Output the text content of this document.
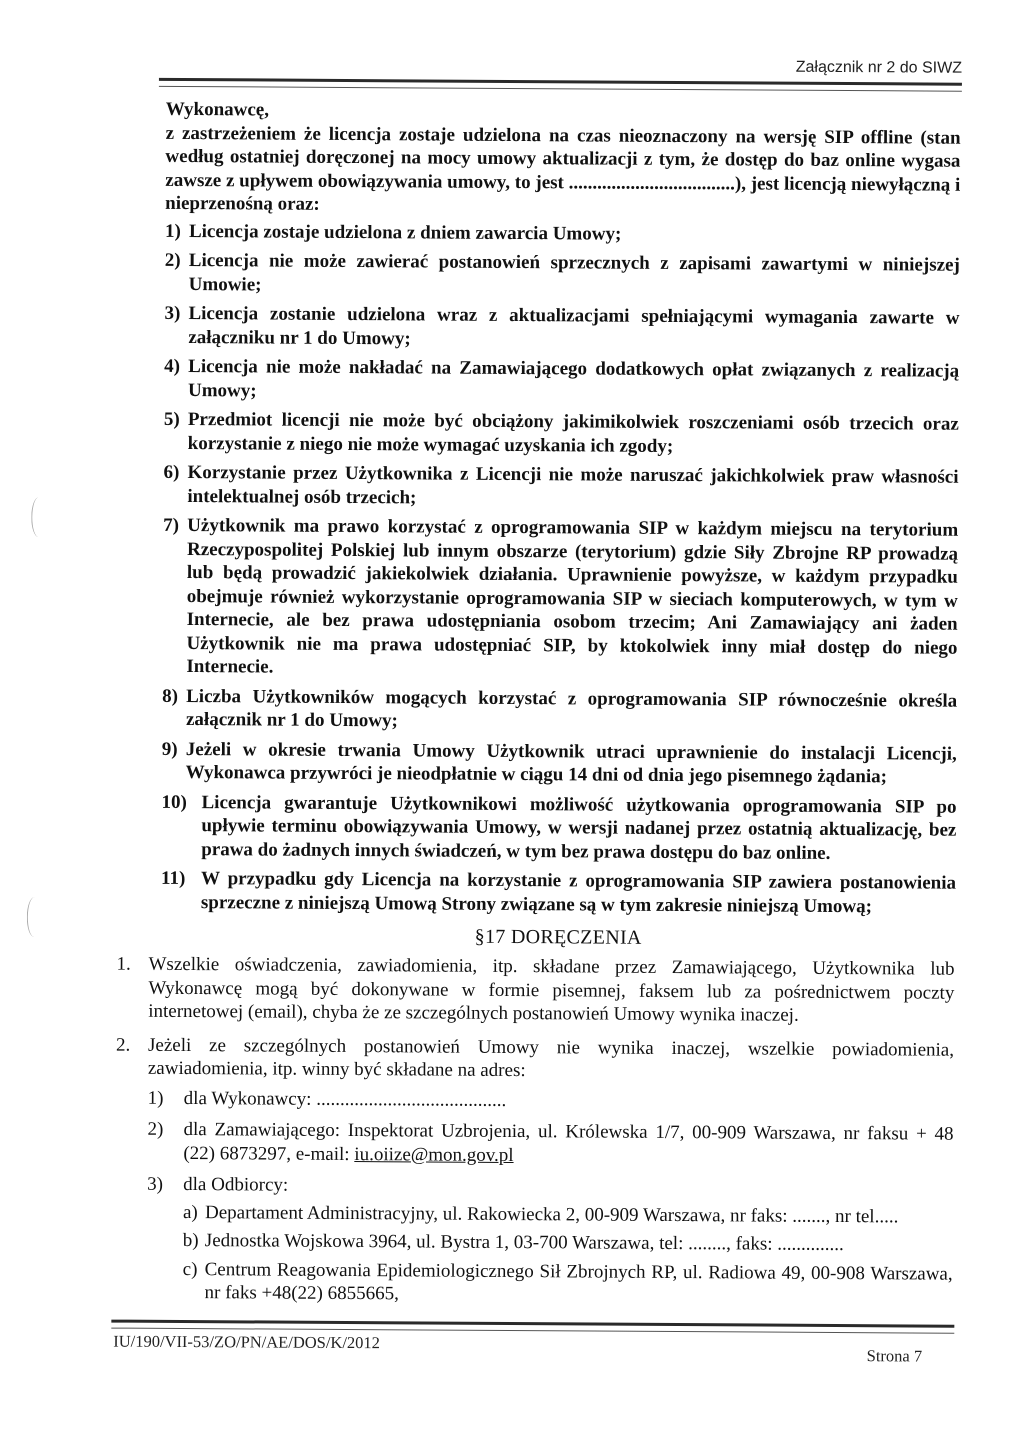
Załącznik nr 2 do SIWZ

Wykonawcę,

z zastrzeżeniem że licencja zostaje udzielona na czas nieoznaczony na wersję SIP offline (stan według ostatniej doręczonej na mocy umowy aktualizacji z tym, że dostęp do baz online wygasa zawsze z upływem obowiązywania umowy, to jest ...................................), jest licencją niewyłączną i nieprzenośną oraz:

1) Licencja zostaje udzielona z dniem zawarcia Umowy;
2) Licencja nie może zawierać postanowień sprzecznych z zapisami zawartymi w niniejszej Umowie;
3) Licencja zostanie udzielona wraz z aktualizacjami spełniającymi wymagania zawarte w załączniku nr 1 do Umowy;
4) Licencja nie może nakładać na Zamawiającego dodatkowych opłat związanych z realizacją Umowy;
5) Przedmiot licencji nie może być obciążony jakimikolwiek roszczeniami osób trzecich oraz korzystanie z niego nie może wymagać uzyskania ich zgody;
6) Korzystanie przez Użytkownika z Licencji nie może naruszać jakichkolwiek praw własności intelektualnej osób trzecich;
7) Użytkownik ma prawo korzystać z oprogramowania SIP w każdym miejscu na terytorium Rzeczypospolitej Polskiej lub innym obszarze (terytorium) gdzie Siły Zbrojne RP prowadzą lub będą prowadzić jakiekolwiek działania. Uprawnienie powyższe, w każdym przypadku obejmuje również wykorzystanie oprogramowania SIP w sieciach komputerowych, w tym w Internecie, ale bez prawa udostępniania osobom trzecim; Ani Zamawiający ani żaden Użytkownik nie ma prawa udostępniać SIP, by ktokolwiek inny miał dostęp do niego Internecie.
8) Liczba Użytkowników mogących korzystać z oprogramowania SIP równocześnie określa załącznik nr 1 do Umowy;
9) Jeżeli w okresie trwania Umowy Użytkownik utraci uprawnienie do instalacji Licencji, Wykonawca przywróci je nieodpłatnie w ciągu 14 dni od dnia jego pisemnego żądania;
10) Licencja gwarantuje Użytkownikowi możliwość użytkowania oprogramowania SIP po upływie terminu obowiązywania Umowy, w wersji nadanej przez ostatnią aktualizację, bez prawa do żadnych innych świadczeń, w tym bez prawa dostępu do baz online.
11) W przypadku gdy Licencja na korzystanie z oprogramowania SIP zawiera postanowienia sprzeczne z niniejszą Umową Strony związane są w tym zakresie niniejszą Umową;
§17 DORĘCZENIA
1. Wszelkie oświadczenia, zawiadomienia, itp. składane przez Zamawiającego, Użytkownika lub Wykonawcę mogą być dokonywane w formie pisemnej, faksem lub za pośrednictwem poczty internetowej (email), chyba że ze szczególnych postanowień Umowy wynika inaczej.
2. Jeżeli ze szczególnych postanowień Umowy nie wynika inaczej, wszelkie powiadomienia, zawiadomienia, itp. winny być składane na adres:
1) dla Wykonawcy: ........................................
2) dla Zamawiającego: Inspektorat Uzbrojenia, ul. Królewska 1/7, 00-909 Warszawa, nr faksu + 48 (22) 6873297, e-mail: iu.oiize@mon.gov.pl
3) dla Odbiorcy:
a) Departament Administracyjny, ul. Rakowiecka 2, 00-909 Warszawa, nr faks: ......., nr tel.....
b) Jednostka Wojskowa 3964, ul. Bystra 1, 03-700 Warszawa, tel: ........, faks: ..............
c) Centrum Reagowania Epidemiologicznego Sił Zbrojnych RP, ul. Radiowa 49, 00-908 Warszawa, nr faks +48(22) 6855665,
IU/190/VII-53/ZO/PN/AE/DOS/K/2012
Strona 7
